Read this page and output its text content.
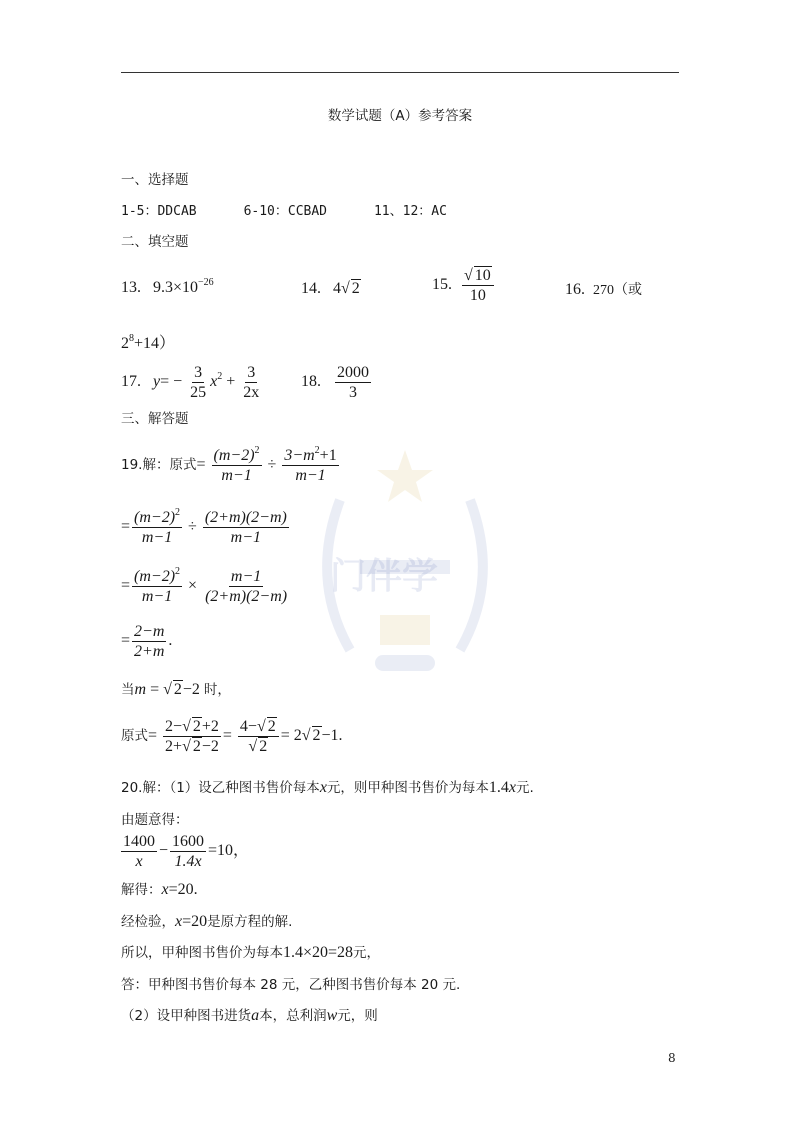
门伴学
数学试题（A）参考答案
一、选择题
1-5：DDCAB      6-10：CCBAD      11、12：AC
二、填空题
13. $9.3\times 10^{-26}$	14. 4√ 2	15. $\frac{√ 10}{10}$	16. 270（或
$2^8+14$）
17. $y= - \frac{3}{25} x^2 + \frac{3}{2x} 18$. $\frac{2000}{3}$
三、解答题
19.解：原式= $\frac{(m-2)^2}{m-1} \div \frac{3-m^2+1}{m-1}$
= $\frac{(m-2)^2}{m-1} \div \frac{(2+m)(2-m)}{m-1}$
= $\frac{(m-2)^2}{m-1} \times \frac{m-1}{(2+m)(2-m)}$
= $\frac{2-m}{2+m}$ .
当m = √ 2−2 时，
原式= $\frac{2-√ 2+2}{2+√ 2-2} = \frac{4-√ 2}{√ 2} = 2√$ 2−1.
20.解：（1）设乙种图书售价每本x元，则甲种图书售价为每本1.4x元.
由题意得：
$\frac{1400}{x} - \frac{1600}{1.4x} =10$，
解得：x=20.
经检验，x=20是原方程的解.
所以，甲种图书售价为每本1.4×20=28元，
答：甲种图书售价每本 28 元，乙种图书售价每本 20 元.
（2）设甲种图书进货a本，总利润w元，则
8
